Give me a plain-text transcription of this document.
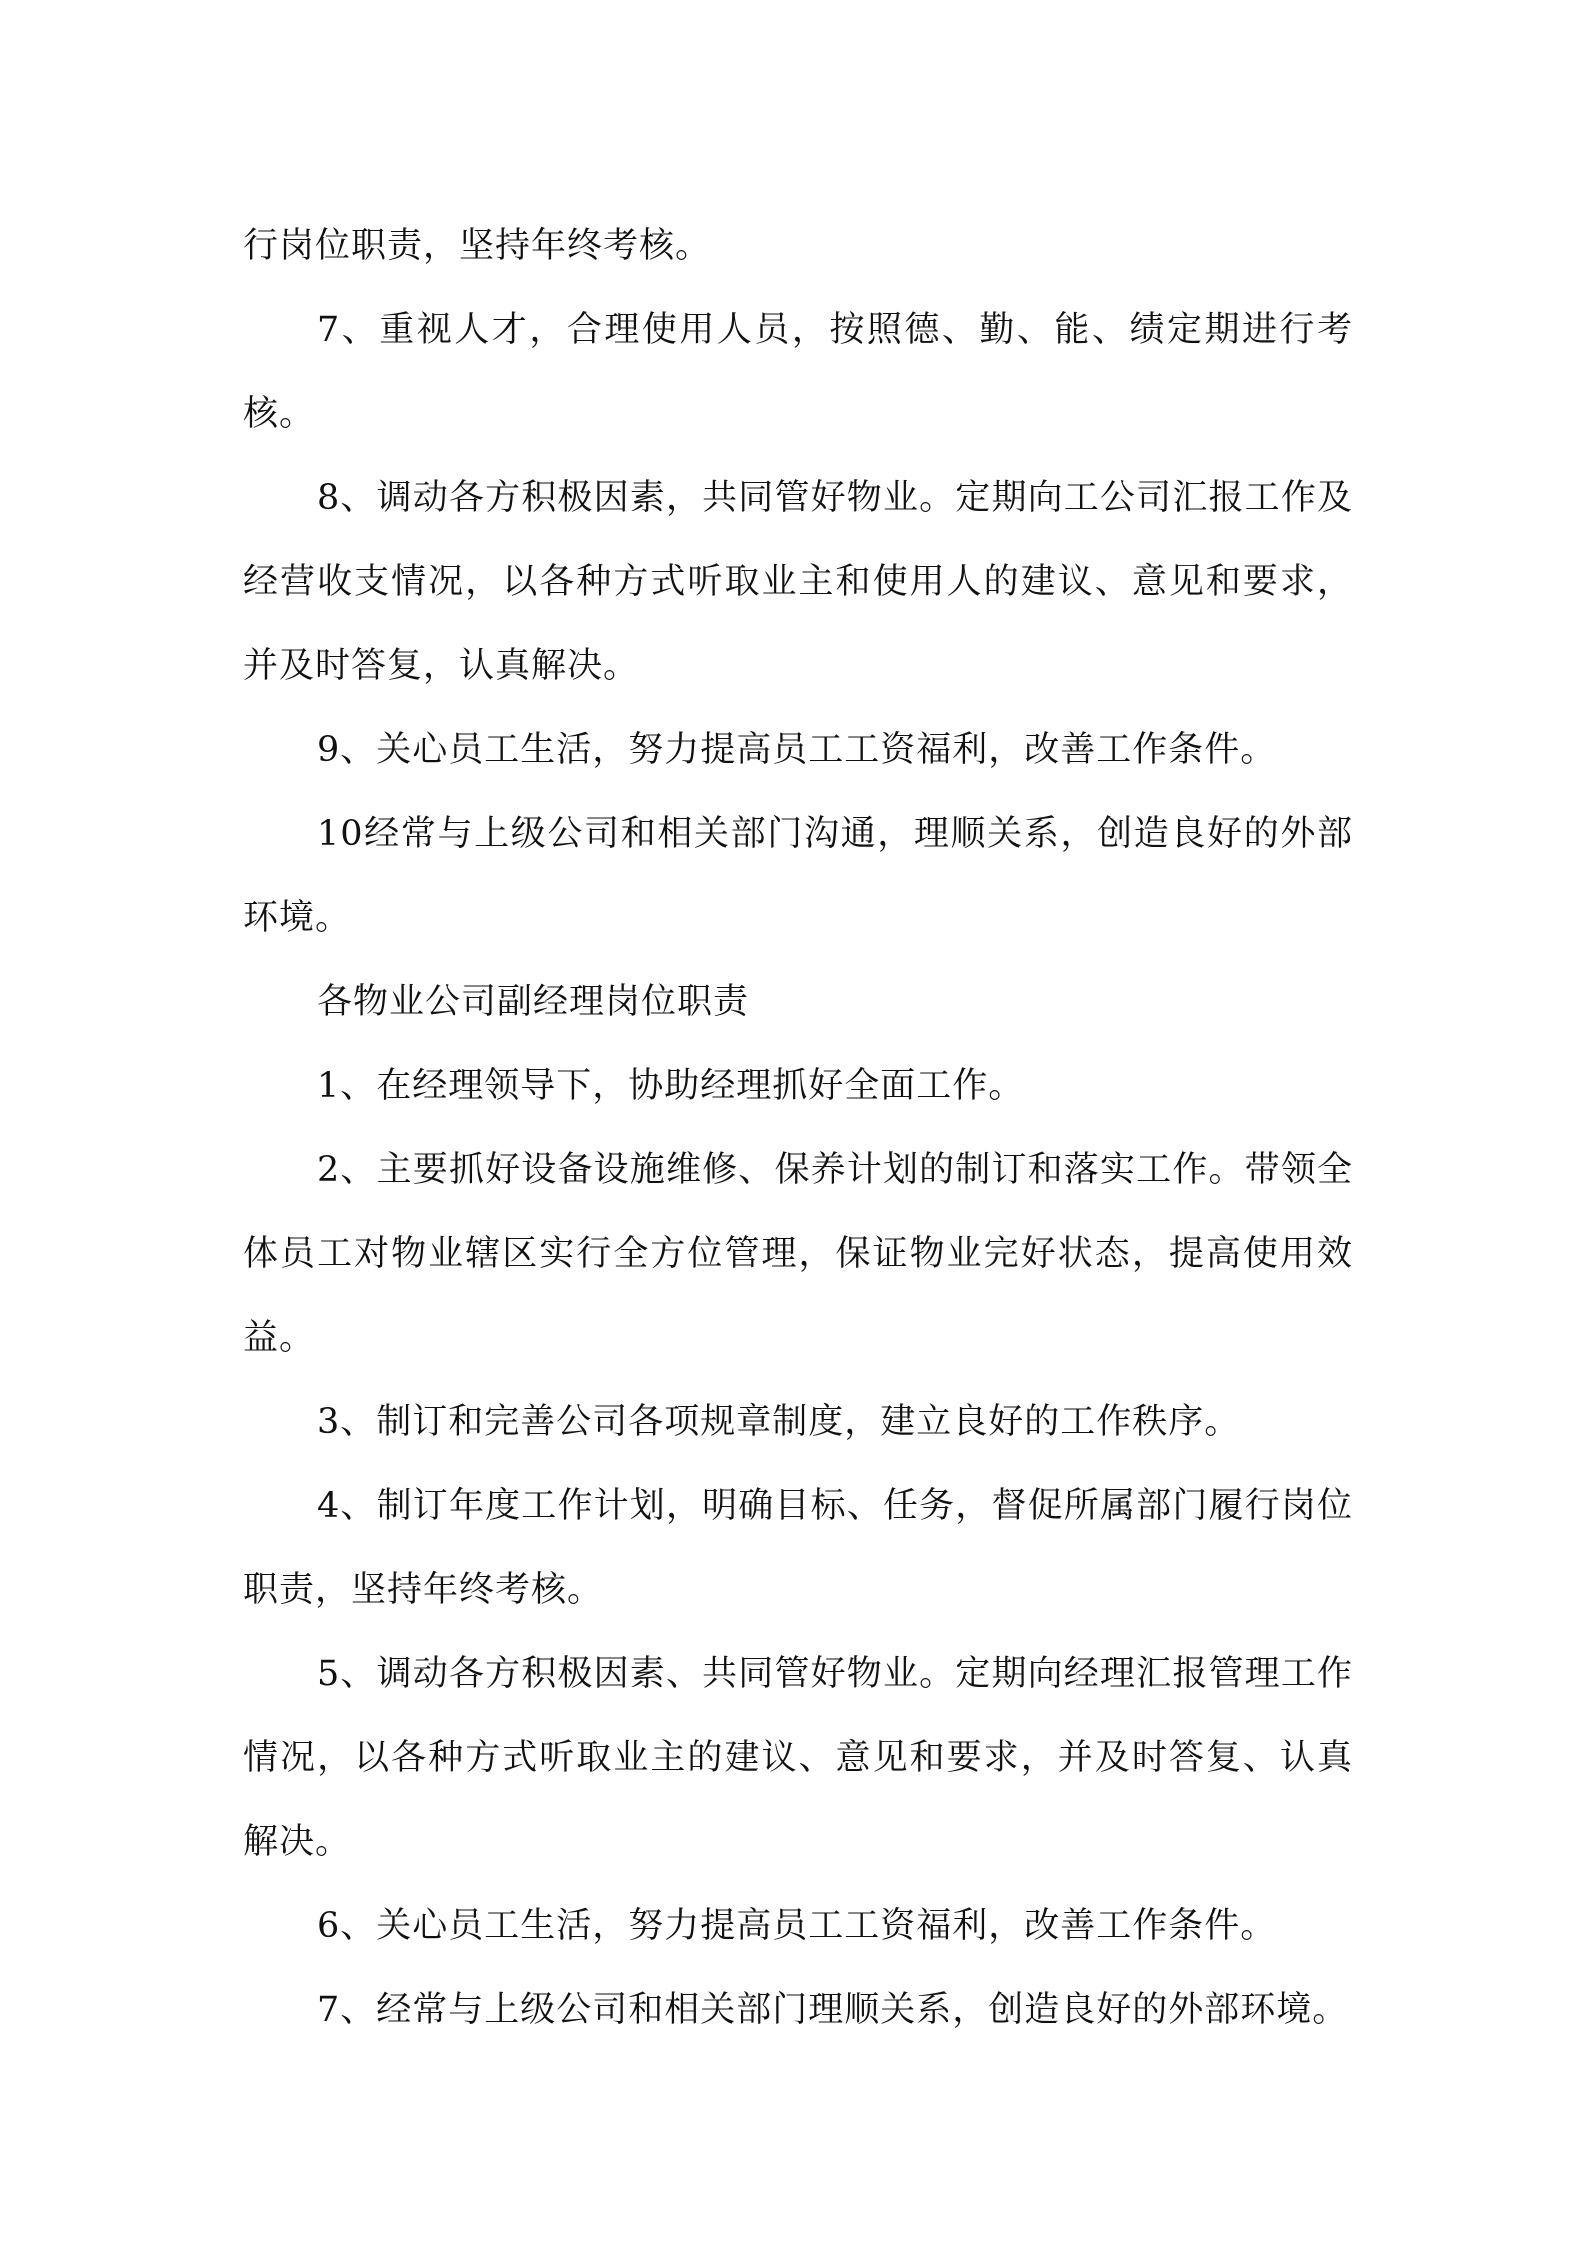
行岗位职责，坚持年终考核。

7、重视人才，合理使用人员，按照德、勤、能、绩定期进行考核。

8、调动各方积极因素，共同管好物业。定期向工公司汇报工作及经营收支情况，以各种方式听取业主和使用人的建议、意见和要求，并及时答复，认真解决。

9、关心员工生活，努力提高员工工资福利，改善工作条件。

10经常与上级公司和相关部门沟通，理顺关系，创造良好的外部环境。

各物业公司副经理岗位职责

1、在经理领导下，协助经理抓好全面工作。

2、主要抓好设备设施维修、保养计划的制订和落实工作。带领全体员工对物业辖区实行全方位管理，保证物业完好状态，提高使用效益。

3、制订和完善公司各项规章制度，建立良好的工作秩序。

4、制订年度工作计划，明确目标、任务，督促所属部门履行岗位职责，坚持年终考核。

5、调动各方积极因素、共同管好物业。定期向经理汇报管理工作情况，以各种方式听取业主的建议、意见和要求，并及时答复、认真解决。

6、关心员工生活，努力提高员工工资福利，改善工作条件。

7、经常与上级公司和相关部门理顺关系，创造良好的外部环境。
